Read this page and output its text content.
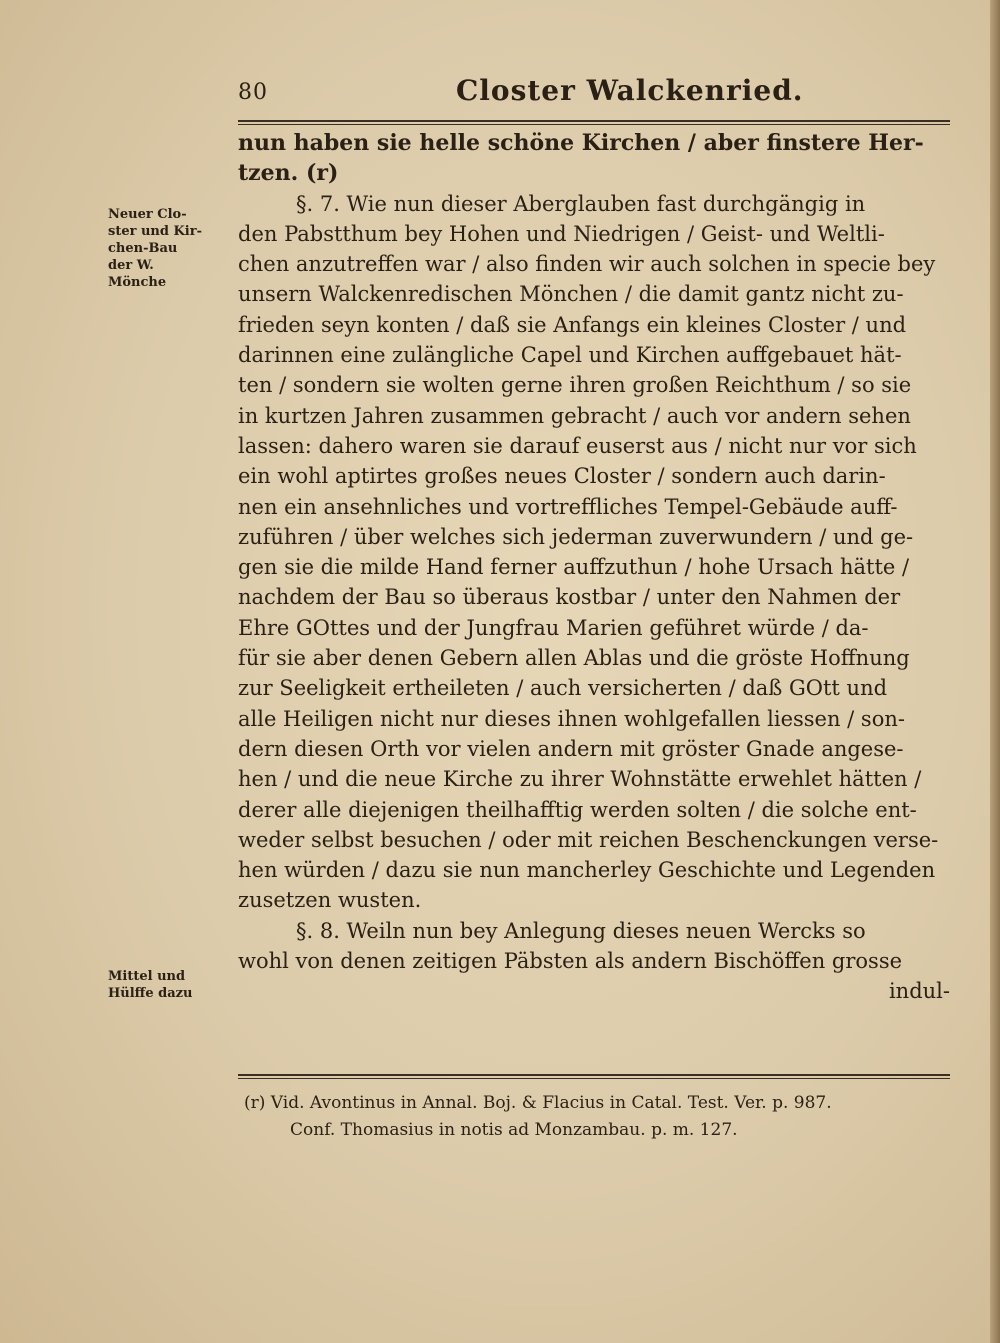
80	Closter Walckenried.
Neuer Clo-
ster und Kir-
chen-Bau
der W.
Mönche
Mittel und
Hülffe dazu
nun haben sie helle schöne Kirchen / aber finstere Her-
tzen. (r)
§. 7. Wie nun dieser Aberglauben fast durchgängig in
den Pabstthum bey Hohen und Niedrigen / Geist- und Weltli-
chen anzutreffen war / also finden wir auch solchen in specie bey
unsern Walckenredischen Mönchen / die damit gantz nicht zu-
frieden seyn konten / daß sie Anfangs ein kleines Closter / und
darinnen eine zulängliche Capel und Kirchen auffgebauet hät-
ten / sondern sie wolten gerne ihren großen Reichthum / so sie
in kurtzen Jahren zusammen gebracht / auch vor andern sehen
lassen: dahero waren sie darauf euserst aus / nicht nur vor sich
ein wohl aptirtes großes neues Closter / sondern auch darin-
nen ein ansehnliches und vortreffliches Tempel-Gebäude auff-
zuführen / über welches sich jederman zuverwundern / und ge-
gen sie die milde Hand ferner auffzuthun / hohe Ursach hätte /
nachdem der Bau so überaus kostbar / unter den Nahmen der
Ehre GOttes und der Jungfrau Marien geführet würde / da-
für sie aber denen Gebern allen Ablas und die gröste Hoffnung
zur Seeligkeit ertheileten / auch versicherten / daß GOtt und
alle Heiligen nicht nur dieses ihnen wohlgefallen liessen / son-
dern diesen Orth vor vielen andern mit gröster Gnade angese-
hen / und die neue Kirche zu ihrer Wohnstätte erwehlet hätten /
derer alle diejenigen theilhafftig werden solten / die solche ent-
weder selbst besuchen / oder mit reichen Beschenckungen verse-
hen würden / dazu sie nun mancherley Geschichte und Legenden
zusetzen wusten.
§. 8. Weiln nun bey Anlegung dieses neuen Wercks so
wohl von denen zeitigen Päbsten als andern Bischöffen grosse
indul-
(r) Vid. Avontinus in Annal. Boj. & Flacius in Catal. Test. Ver. p. 987.
Conf. Thomasius in notis ad Monzambau. p. m. 127.
